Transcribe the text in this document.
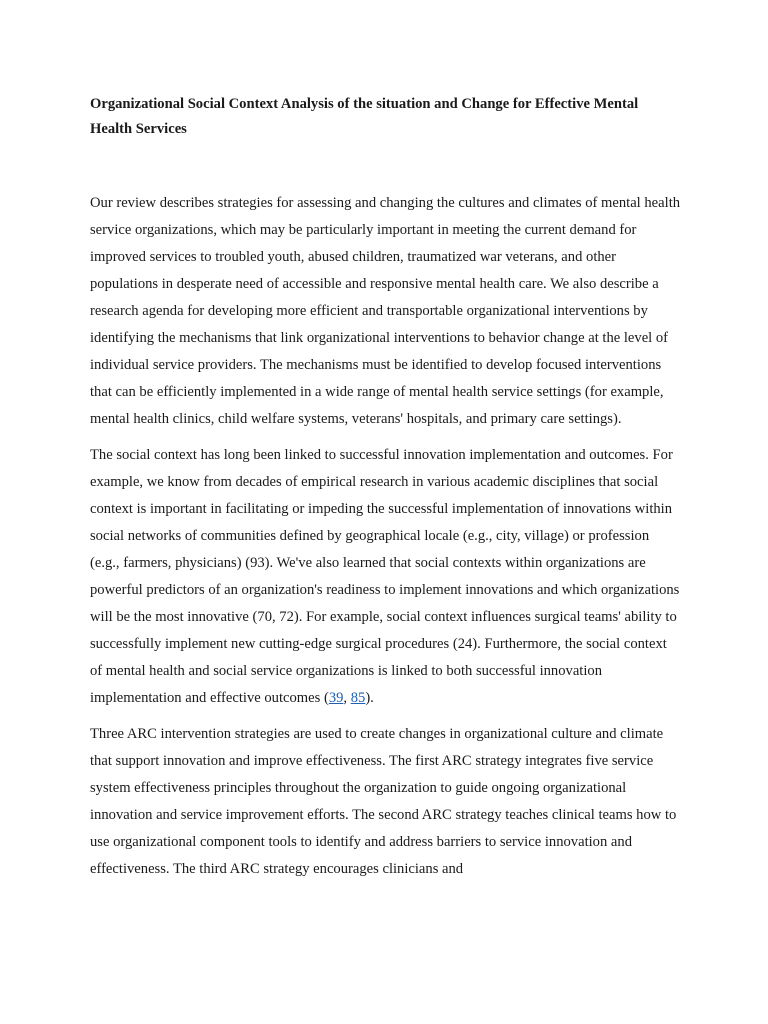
Organizational Social Context Analysis of the situation and Change for Effective Mental Health Services

Our review describes strategies for assessing and changing the cultures and climates of mental health service organizations, which may be particularly important in meeting the current demand for improved services to troubled youth, abused children, traumatized war veterans, and other populations in desperate need of accessible and responsive mental health care. We also describe a research agenda for developing more efficient and transportable organizational interventions by identifying the mechanisms that link organizational interventions to behavior change at the level of individual service providers. The mechanisms must be identified to develop focused interventions that can be efficiently implemented in a wide range of mental health service settings (for example, mental health clinics, child welfare systems, veterans' hospitals, and primary care settings).

The social context has long been linked to successful innovation implementation and outcomes. For example, we know from decades of empirical research in various academic disciplines that social context is important in facilitating or impeding the successful implementation of innovations within social networks of communities defined by geographical locale (e.g., city, village) or profession (e.g., farmers, physicians) (93). We've also learned that social contexts within organizations are powerful predictors of an organization's readiness to implement innovations and which organizations will be the most innovative (70, 72). For example, social context influences surgical teams' ability to successfully implement new cutting-edge surgical procedures (24). Furthermore, the social context of mental health and social service organizations is linked to both successful innovation implementation and effective outcomes (39, 85).

Three ARC intervention strategies are used to create changes in organizational culture and climate that support innovation and improve effectiveness. The first ARC strategy integrates five service system effectiveness principles throughout the organization to guide ongoing organizational innovation and service improvement efforts. The second ARC strategy teaches clinical teams how to use organizational component tools to identify and address barriers to service innovation and effectiveness. The third ARC strategy encourages clinicians and
